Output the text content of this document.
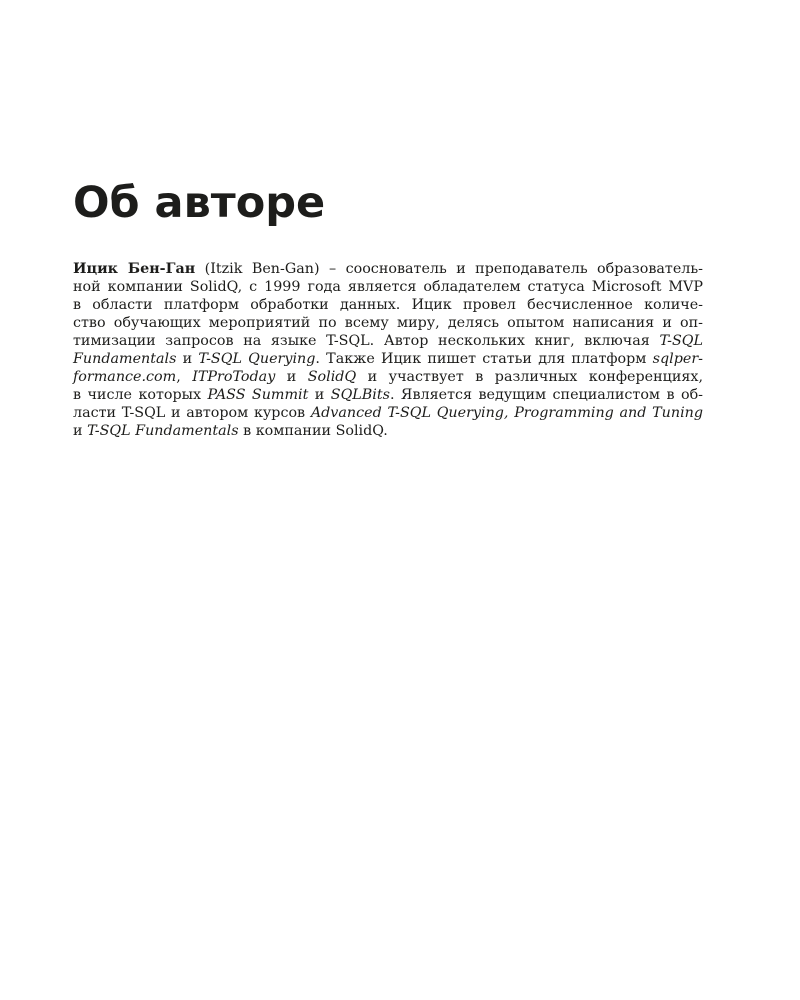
Об авторе

Ицик Бен-Ган (Itzik Ben-Gan) – сооснователь и преподаватель образователь-
ной компании SolidQ, с 1999 года является обладателем статуса Microsoft MVP
в области платформ обработки данных. Ицик провел бесчисленное количе-
ство обучающих мероприятий по всему миру, делясь опытом написания и оп-
тимизации запросов на языке T-SQL. Автор нескольких книг, включая T-SQL
Fundamentals и T-SQL Querying. Также Ицик пишет статьи для платформ sqlper-
formance.com, ITProToday и SolidQ и участвует в различных конференциях,
в числе которых PASS Summit и SQLBits. Является ведущим специалистом в об-
ласти T-SQL и автором курсов Advanced T-SQL Querying, Programming and Tuning
и T-SQL Fundamentals в компании SolidQ.
